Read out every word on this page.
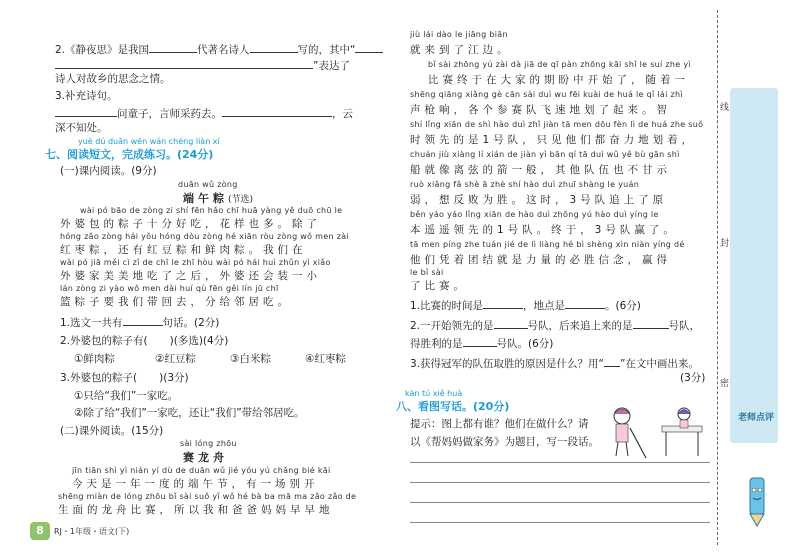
2.《静夜思》是我国	代著名诗人	写的，其中“
”表达了
诗人对故乡的思念之情。
3.补充诗句。
问童子，言师采药去。	，云
深不知处。
yuè dú duǎn wén wán chéng liàn xí
七、阅读短文，完成练习。(24分)
(一)课内阅读。(9分)
duān wǔ zòng
端午粽(节选)
wài pó bāo de zòng zi shí fēn hǎo chī huā yàng yě duō chū le
外婆包的粽子十分好吃，花样也多。除了
hóng zǎo zòng hái yǒu hóng dòu zòng hé xiān ròu zòng wǒ men zài
红枣粽，还有红豆粽和鲜肉粽。我们在
wài pó jiā měi cì zǐ de chī le zhī hòu wài pó hái huì zhǔn yì xiǎo
外婆家美美地吃了之后，外婆还会装一小
lán zòng zi yào wǒ men dài huí qù fēn gěi lín jū chī
篮粽子要我们带回去，分给邻居吃。
1.选文一共有	句话。(2分)
2.外婆包的粽子有( )(多选)(4分)
①鲜肉粽	②红豆粽	③白米粽	④红枣粽
3.外婆包的粽子( )(3分)
①只给“我们”一家吃。
②除了给“我们”一家吃，还让“我们”带给邻居吃。
(二)课外阅读。(15分)
sài lóng zhōu
赛龙舟
jīn tiān shì yì nián yí dù de duān wǔ jié yóu yú chǎng bié kāi
今天是一年一度的端午节，有一场别开
shēng miàn de lóng zhōu bǐ sài suǒ yǐ wǒ hé bà ba mā ma zǎo zǎo de
生面的龙舟比赛，所以我和爸爸妈妈早早地
8	RJ・1年级・语文(下)
jiù lái dào le jiāng biān
就来到了江边。
bǐ sài zhōng yú zài dà jiā de qī pàn zhōng kāi shǐ le suí zhe yì
比赛终于在大家的期盼中开始了，随着一
shēng qiāng xiǎng gè cān sài duì wu fēi kuài de huá le qǐ lái zhì
声枪响，各个参赛队飞速地划了起来。智
shí lǐng xiān de shì hào duì zhǐ jiàn tā men dōu fèn lì de huá zhe suǒ
时领先的是1号队，只见他们都奋力地划着，
chuán jiù xiàng lí xián de jiàn yì bān qí tā duì wǔ yě bù gān shì
船就像离弦的箭一般，其他队伍也不甘示
ruò xiǎng fǎ shè ā zhè shí hào duì zhuī shàng le yuán
弱，想反败为胜。这时，3号队追上了原
běn yáo yáo lǐng xiān de hào duì zhōng yú hào duì yíng le
本遥遥领先的1号队。终于，3号队赢了。
tā men píng zhe tuán jié de lì liàng hé bì shèng xìn niàn yíng dé
他们凭着团结就是力量的必胜信念，赢得
le bǐ sài
了比赛。
1.比赛的时间是	，地点是	。(6分)
2.一开始领先的是	号队，后来追上来的是	号队，
得胜利的是	号队。(6分)
3.获得冠军的队伍取胜的原因是什么？用“ ”在文中画出来。
(3分)
kàn tú xiě huà
八、看图写话。(20分)
提示：图上都有谁？他们在做什么？请
以《帮妈妈做家务》为题目，写一段话。
线
封
密
老师点评
